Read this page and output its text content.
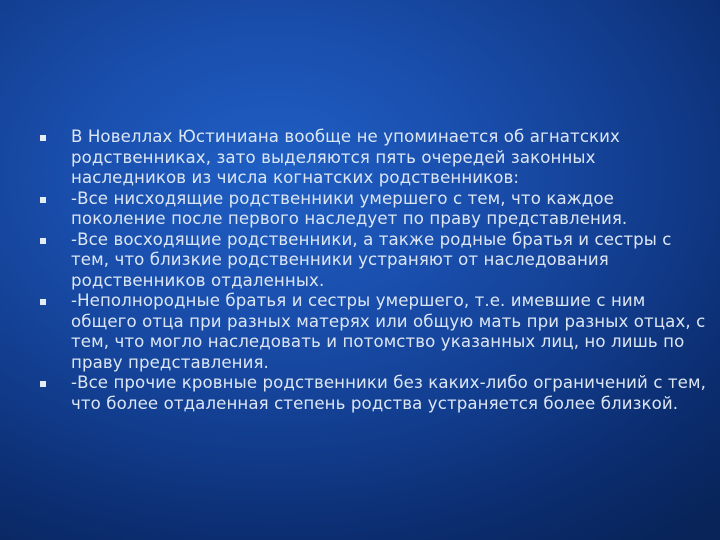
В Новеллах Юстиниана вообще не упоминается об агнатских родственниках, зато выделяются пять очередей законных наследников из числа когнатских родственников:
-Все нисходящие родственники умершего с тем, что каждое поколение после первого наследует по праву представления.
-Все восходящие родственники, а также родные братья и сестры с тем, что близкие родственники устраняют от наследования родственников отдаленных.
-Неполнородные братья и сестры умершего, т.е. имевшие с ним общего отца при разных матерях или общую мать при разных отцах, с тем, что могло наследовать и потомство указанных лиц, но лишь по праву представления.
-Все прочие кровные родственники без каких-либо ограничений с тем, что более отдаленная степень родства устраняется более близкой.
